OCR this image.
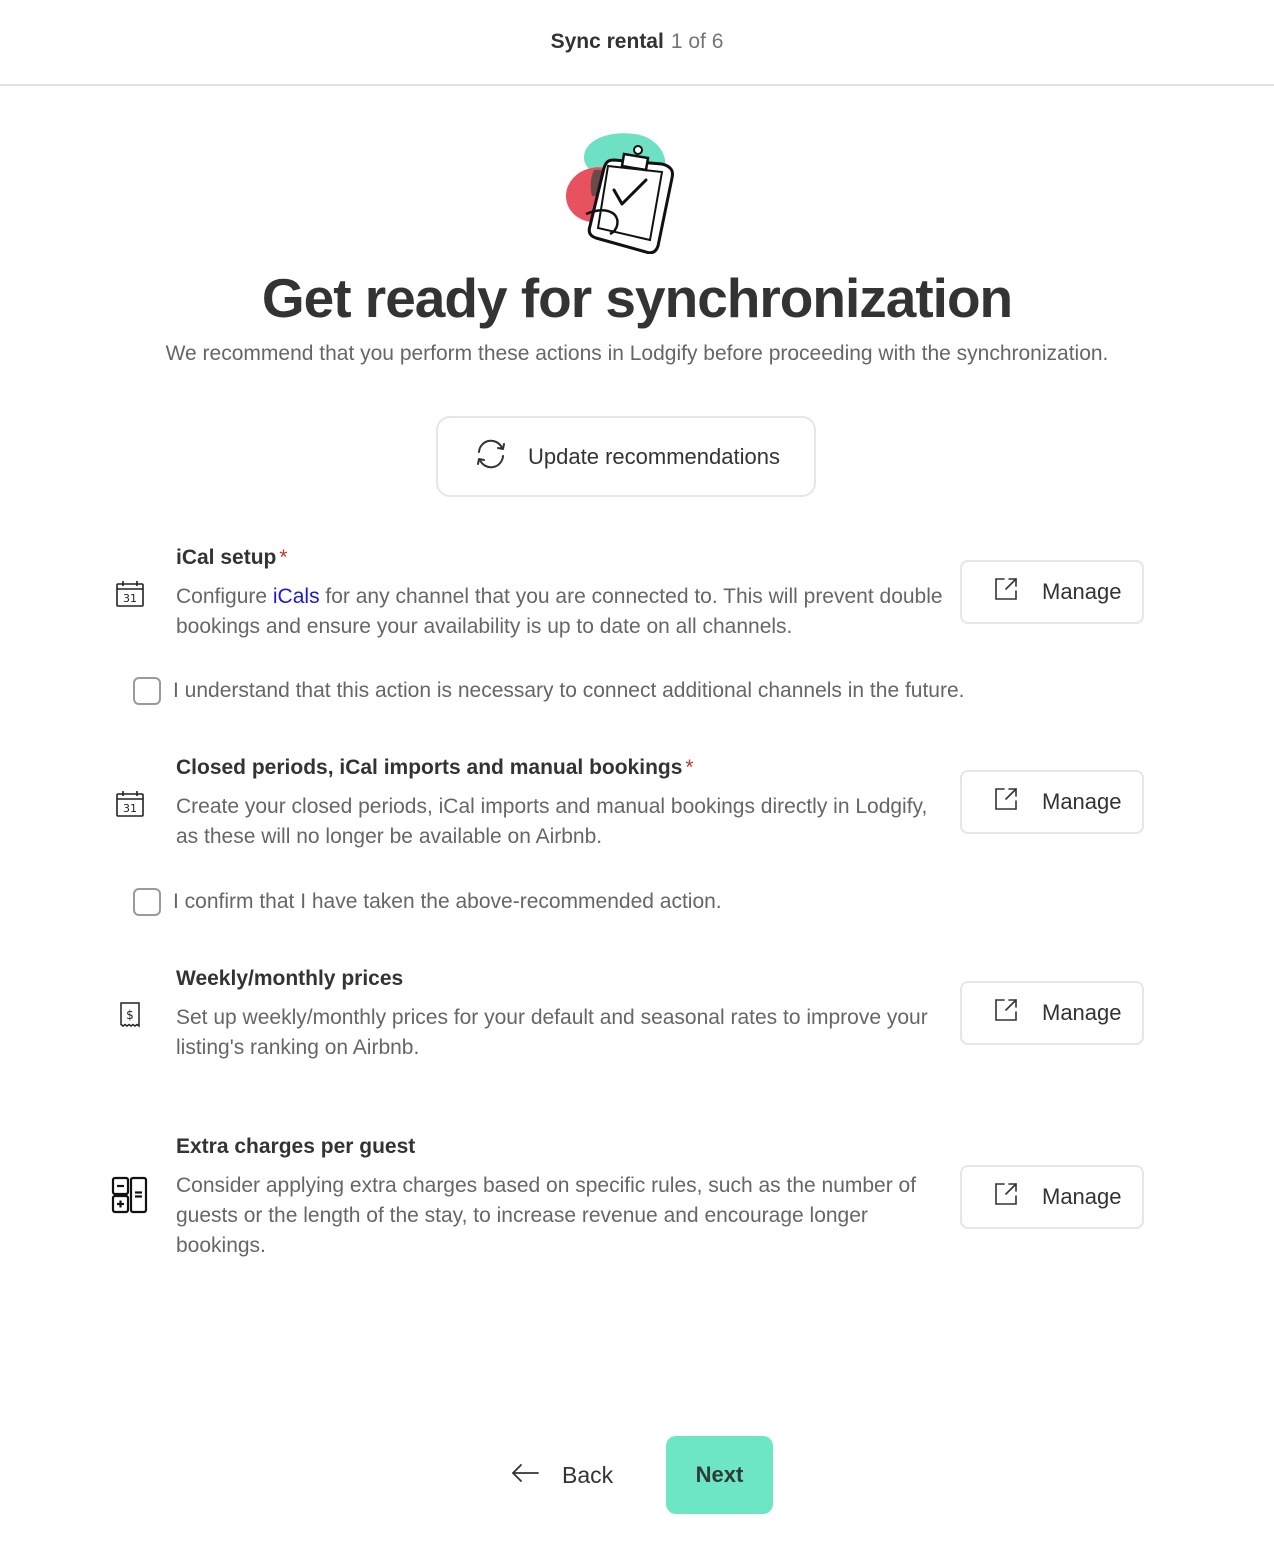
Sync rental 1 of 6
Get ready for synchronization

We recommend that you perform these actions in Lodgify before proceeding with the synchronization.

Update recommendations
31
iCal setup *
Configure iCals for any channel that you are connected to. This will prevent double bookings and ensure your availability is up to date on all channels.
Manage
I understand that this action is necessary to connect additional channels in the future.
31
Closed periods, iCal imports and manual bookings *
Create your closed periods, iCal imports and manual bookings directly in Lodgify, as these will no longer be available on Airbnb.
Manage
I confirm that I have taken the above-recommended action.
$
Weekly/monthly prices
Set up weekly/monthly prices for your default and seasonal rates to improve your listing's ranking on Airbnb.
Manage
Extra charges per guest
Consider applying extra charges based on specific rules, such as the number of guests or the length of the stay, to increase revenue and encourage longer bookings.
Manage
Back	Next
